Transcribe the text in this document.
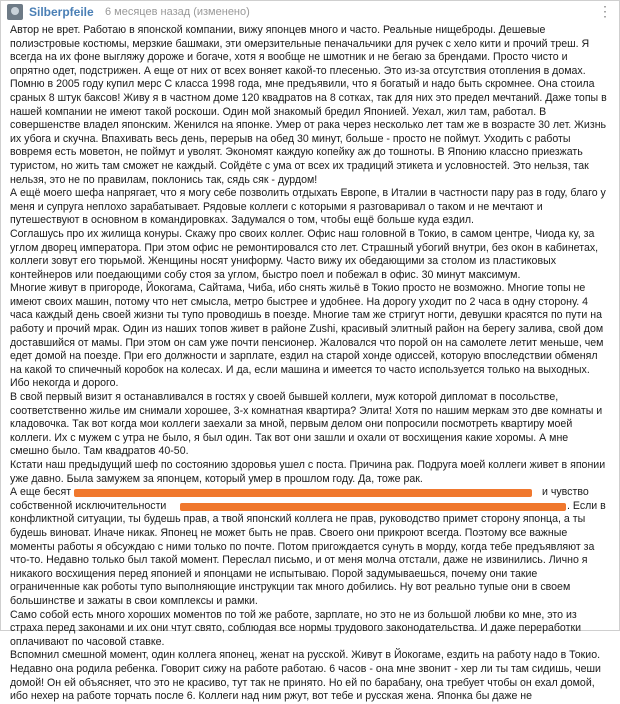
Silberpfeile 6 месяцев назад (изменено)	⋮

Автор не врет. Работаю в японской компании, вижу японцев много и часто. Реальные нищеброды. Дешевые полиэстровые костюмы, мерзкие башмаки, эти омерзительные пеначальчики для ручек с хело кити и прочий треш. Я всегда на их фоне выгляжу дороже и богаче, хотя я вообще не шмотник и не бегаю за брендами. Просто чисто и опрятно одет, подстрижен. А еще от них от всех воняет какой-то плесенью. Это из-за отсутствия отопления в домах. Помню в 2005 году купил мерс С класса 1998 года, мне предъявили, что я богатый и надо быть скромнее. Она стоила сраных 8 штук баксов! Живу я в частном доме 120 квадратов на 8 сотках, так для них это предел мечтаний. Даже топы в нашей компании не имеют такой роскоши. Один мой знакомый бредил Японией. Уехал, жил там, работал. В совершенстве владел японским. Женился на японке. Умер от рака через несколько лет там же в возрасте 30 лет. Жизнь их убога и скучна. Впахивать весь день, перерыв на обед 30 минут, больше - просто не поймут. Уходить с работы вовремя есть моветон, не поймут и уволят. Экономят каждую копейку аж до тошноты. В Японию классно приезжать туристом, но жить там сможет не каждый. Сойдёте с ума от всех их традиций этикета и условностей. Это нельзя, так нельзя, это не по правилам, поклонись так, сядь сяк - дурдом!

А ещё моего шефа напрягает, что я могу себе позволить отдыхать Европе, в Италии в частности пару раз в году, благо у меня и супруга неплохо зарабатывает. Рядовые коллеги с которыми я разговаривал о таком и не мечтают и путешествуют в основном в командировках. Задумался о том, чтобы ещё больше куда ездил.

Соглашусь про их жилища конуры. Скажу про своих коллег. Офис наш головной в Токио, в самом центре, Чиода ку, за углом дворец императора. При этом офис не ремонтировался сто лет. Страшный убогий внутри, без окон в кабинетах, коллеги зовут его тюрьмой. Женщины носят униформу. Часто вижу их обедающими за столом из пластиковых контейнеров или поедающими собу стоя за углом, быстро поел и побежал в офис. 30 минут максимум.

Многие живут в пригороде, Йокогама, Сайтама, Чиба, ибо снять жильё в Токио просто не возможно. Многие топы не имеют своих машин, потому что нет смысла, метро быстрее и удобнее. На дорогу уходит по 2 часа в одну сторону. 4 часа каждый день своей жизни ты тупо проводишь в поезде. Многие там же стригут ногти, девушки красятся по пути на работу и прочий мрак. Один из наших топов живет в районе Zushi, красивый элитный район на берегу залива, свой дом доставшийся от мамы. При этом он сам уже почти пенсионер. Жаловался что порой он на самолете летит меньше, чем едет домой на поезде. При его должности и зарплате, ездил на старой хонде одиссей, которую впоследствии обменял на какой то спичечный коробок на колесах. И да, если машина и имеется то часто используется только на выходных. Ибо некогда и дорого.

В свой первый визит я останавливался в гостях у своей бывшей коллеги, муж которой дипломат в посольстве, соответственно жилье им снимали хорошее, 3-х комнатная квартира? Элита! Хотя по нашим меркам это две комнаты и кладовочка. Так вот когда мои коллеги заехали за мной, первым делом они попросили посмотреть квартиру моей коллеги. Их с мужем с утра не было, я был один. Так вот они зашли и охали от восхищения какие хоромы. А мне смешно было. Там квадратов 40-50.

Кстати наш предыдущий шеф по состоянию здоровья ушел с поста. Причина рак. Подруга моей коллеги живет в японии уже давно. Была замужем за японцем, который умер в прошлом году. Да, тоже рак.

А еще бесят	и чувство
собственной исключительности	. Если в

конфликтной ситуации, ты будешь прав, а твой японский коллега не прав, руководство примет сторону японца, а ты будешь виноват. Иначе никак. Японец не может быть не прав. Своего они прикроют всегда. Поэтому все важные моменты работы я обсуждаю с ними только по почте. Потом пригождается сунуть в морду, когда тебе предъявляют за что-то. Недавно только был такой момент. Переслал письмо, и от меня молча отстали, даже не извинились. Лично я никакого восхищения перед японией и японцами не испытываю. Порой задумываешься, почему они такие ограниченные как роботы тупо выполняющие инструкции так много добились. Ну вот реально тупые они в своем большинстве и зажаты в свои комплексы и рамки.

Само собой есть много хороших моментов по той же работе, зарплате, но это не из большой любви ко мне, это из страха перед законами и их они чтут свято, соблюдая все нормы трудового законодательства. И даже переработки оплачивают по часовой ставке.

Вспомнил смешной момент, один коллега японец, женат на русской. Живут в Йокогаме, ездить на работу надо в Токио. Недавно она родила ребенка. Говорит сижу на работе работаю. 6 часов - она мне звонит - хер ли ты там сидишь, чеши домой! Он ей объясняет, что это не красиво, тут так не принято. Но ей по барабану, она требует чтобы он ехал домой, ибо нехер на работе торчать после 6. Коллеги над ним ржут, вот тебе и русская жена. Японка бы даже не
